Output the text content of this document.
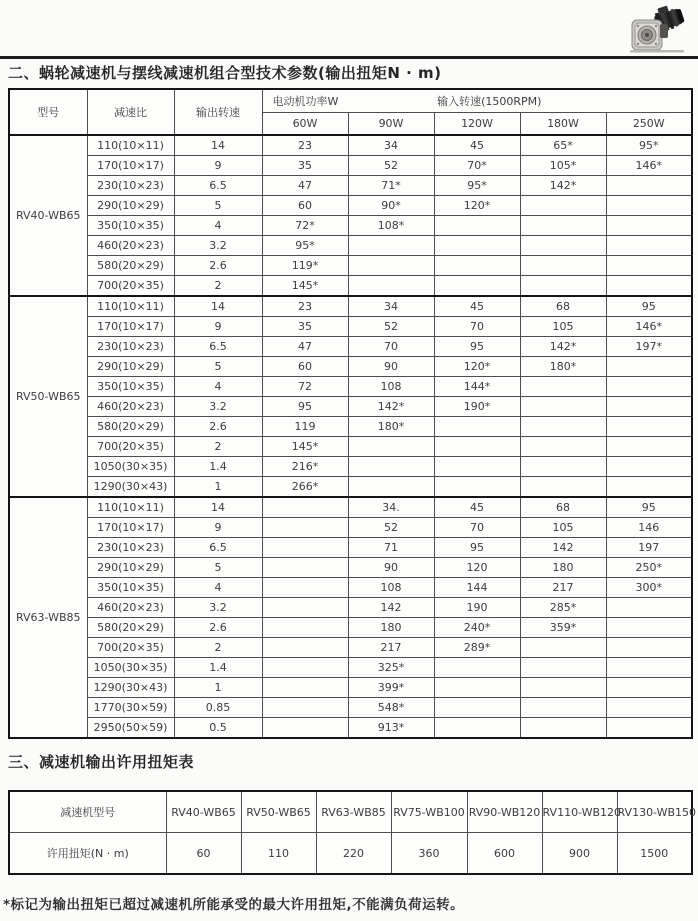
二、蜗轮减速机与摆线减速机组合型技术参数(输出扭矩N · m)
型号	减速比	输出转速	电动机功率W 输入转速(1500RPM)				

			60W	90W	120W	180W	250W
RV40-WB65	110(10×11)	14	23	34	45	65*	95*
	170(10×17)	9	35	52	70*	105*	146*
	230(10×23)	6.5	47	71*	95*	142*	
	290(10×29)	5	60	90*	120*		
	350(10×35)	4	72*	108*			
	460(20×23)	3.2	95*				
	580(20×29)	2.6	119*				
	700(20×35)	2	145*				
RV50-WB65	110(10×11)	14	23	34	45	68	95
	170(10×17)	9	35	52	70	105	146*
	230(10×23)	6.5	47	70	95	142*	197*
	290(10×29)	5	60	90	120*	180*	
	350(10×35)	4	72	108	144*		
	460(20×23)	3.2	95	142*	190*		
	580(20×29)	2.6	119	180*			
	700(20×35)	2	145*				
	1050(30×35)	1.4	216*				
	1290(30×43)	1	266*				
RV63-WB85	110(10×11)	14		34.	45	68	95
	170(10×17)	9		52	70	105	146
	230(10×23)	6.5		71	95	142	197
	290(10×29)	5		90	120	180	250*
	350(10×35)	4		108	144	217	300*
	460(20×23)	3.2		142	190	285*	
	580(20×29)	2.6		180	240*	359*	
	700(20×35)	2		217	289*		
	1050(30×35)	1.4		325*			
	1290(30×43)	1		399*			
	1770(30×59)	0.85		548*			
	2950(50×59)	0.5		913*			
三、减速机输出许用扭矩表
减速机型号	RV40-WB65	RV50-WB65	RV63-WB85	RV75-WB100	RV90-WB120	RV110-WB120	RV130-WB150
许用扭矩(N · m)	60	110	220	360	600	900	1500
*标记为输出扭矩已超过减速机所能承受的最大许用扭矩,不能满负荷运转。
